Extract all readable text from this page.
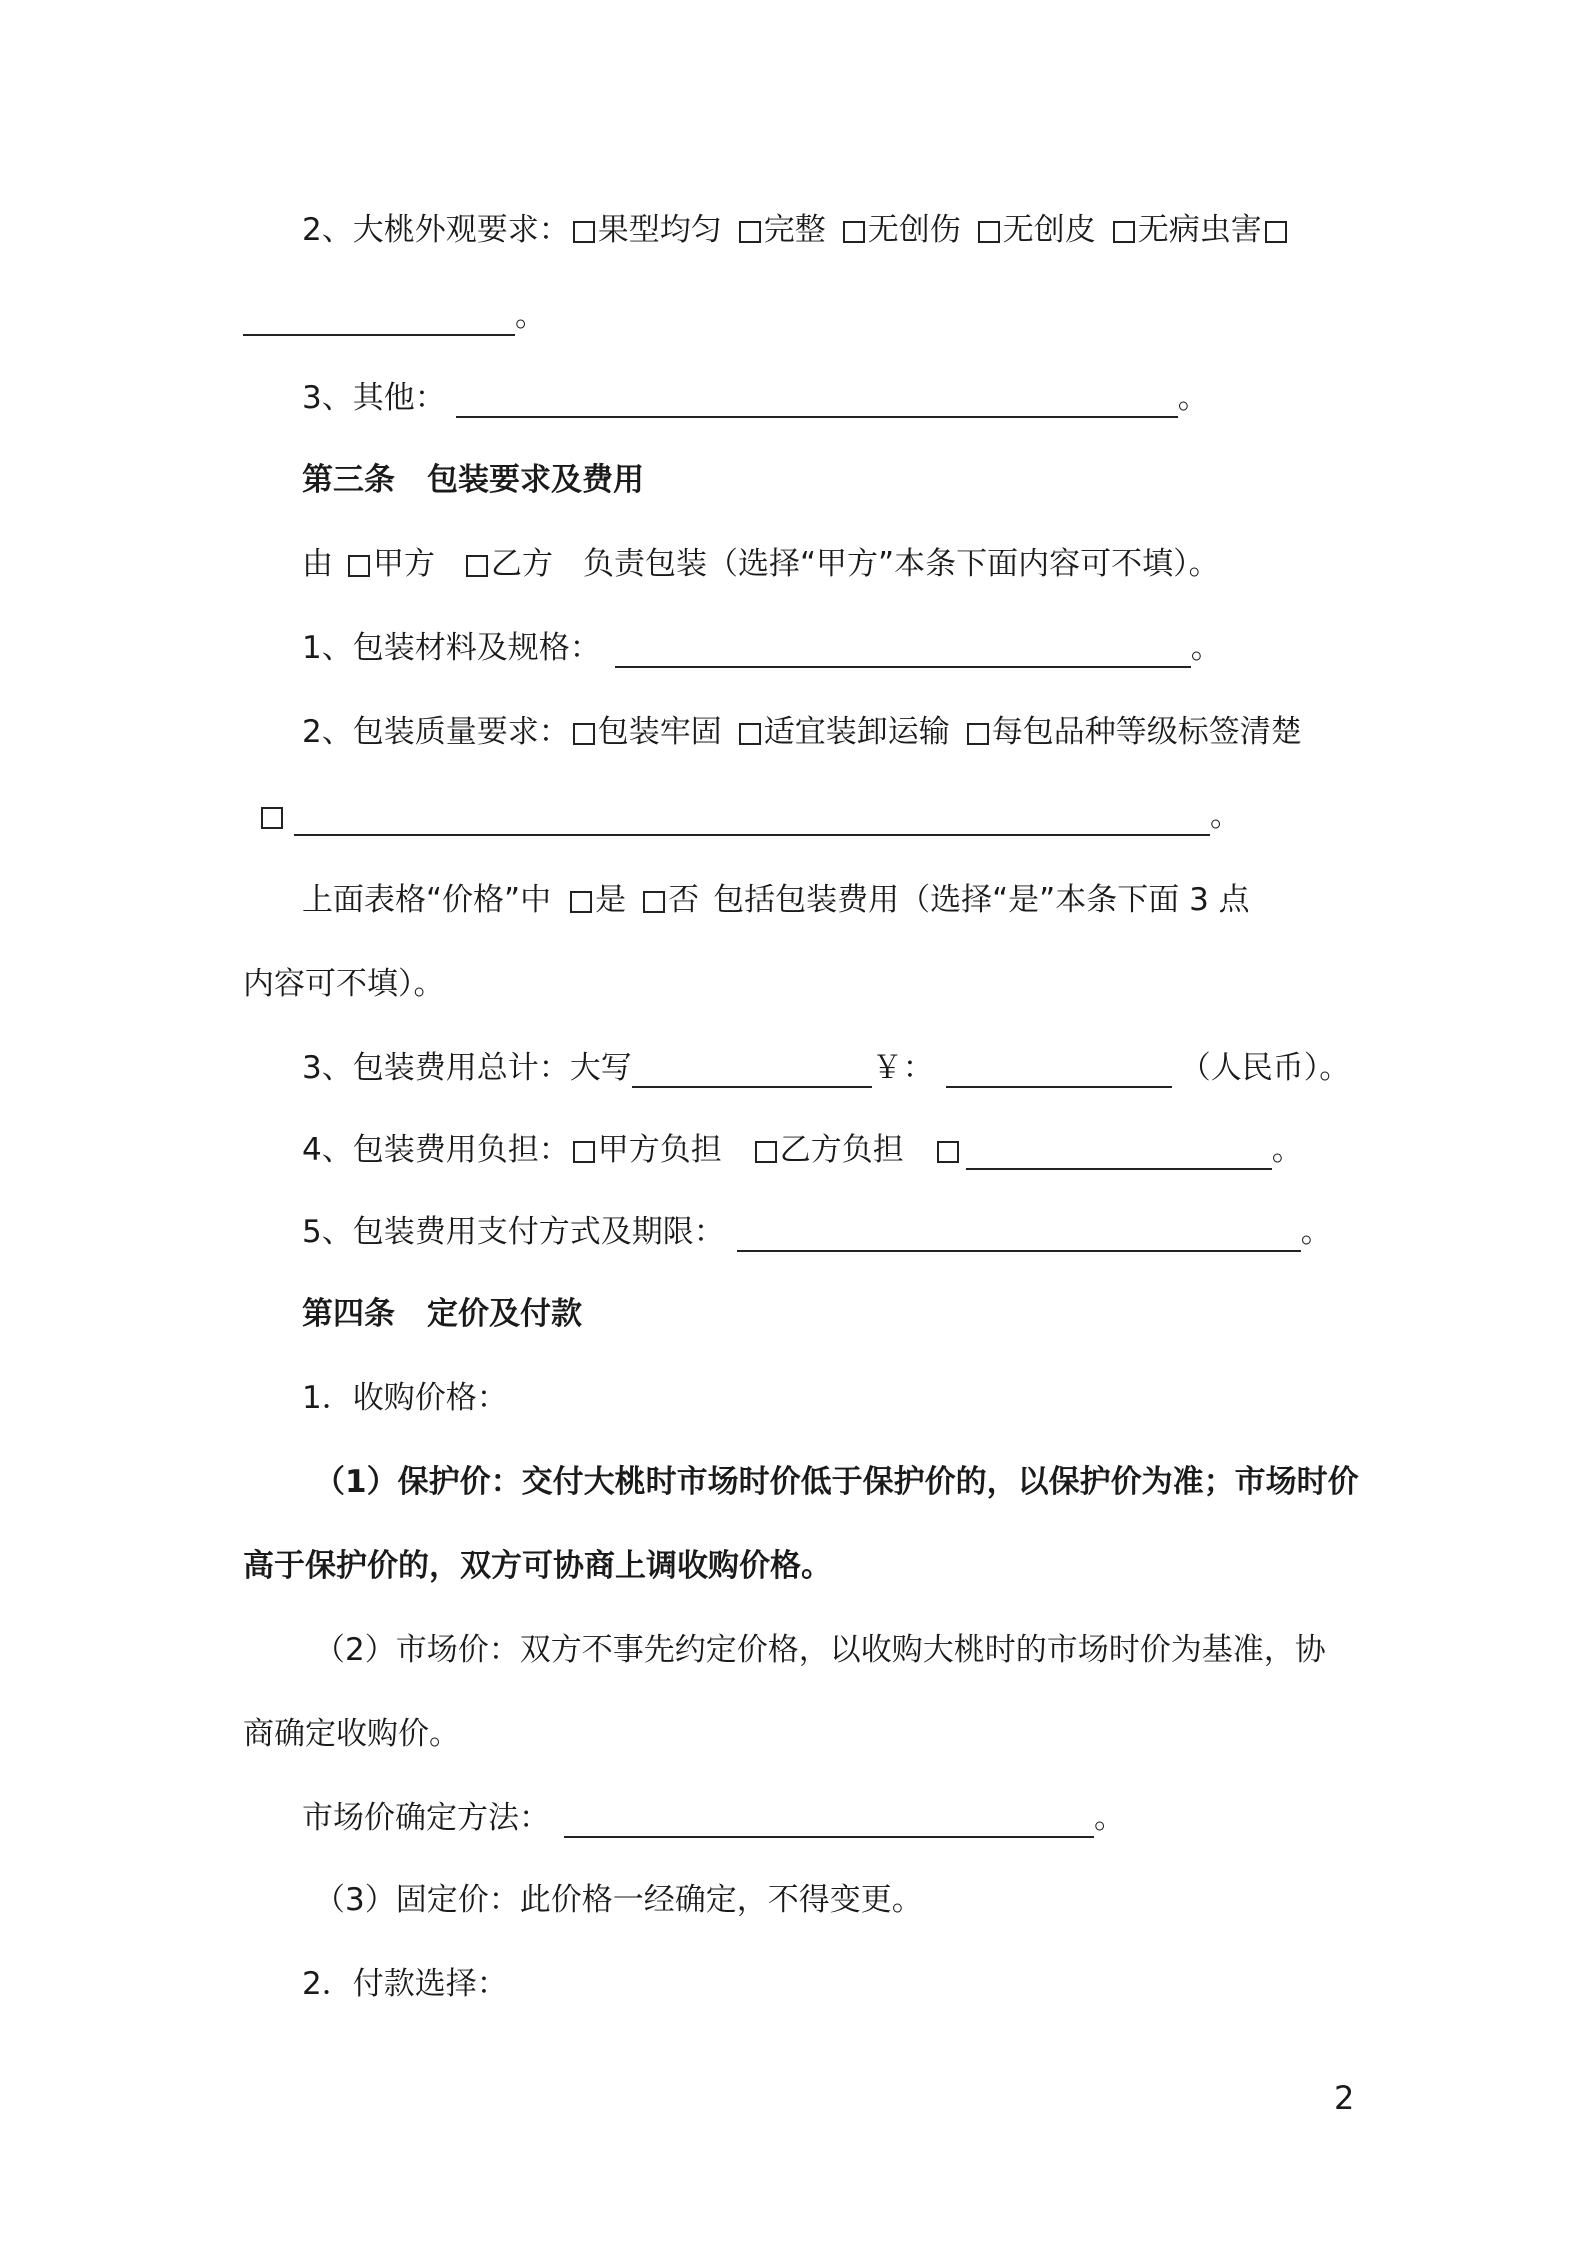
2、大桃外观要求： 果型均匀 完整 无创伤 无创皮 无病虫害
。
3、其他：	。
第三条 包装要求及费用
由 甲方 乙方 负责包装（选择“甲方”本条下面内容可不填）。
1、包装材料及规格：	。
2、包装质量要求： 包装牢固 适宜装卸运输 每包品种等级标签清楚
。
上面表格“价格”中 是 否 包括包装费用（选择“是”本条下面 3 点
内容可不填）。
3、包装费用总计：大写	￥：	（人民币）。
4、包装费用负担： 甲方负担 乙方负担	。
5、包装费用支付方式及期限：	。
第四条 定价及付款
1．收购价格：
（1）保护价：交付大桃时市场时价低于保护价的，以保护价为准；市场时价
高于保护价的，双方可协商上调收购价格。
（2）市场价：双方不事先约定价格，以收购大桃时的市场时价为基准，协
商确定收购价。
市场价确定方法：	。
（3）固定价：此价格一经确定，不得变更。
2．付款选择：
2
